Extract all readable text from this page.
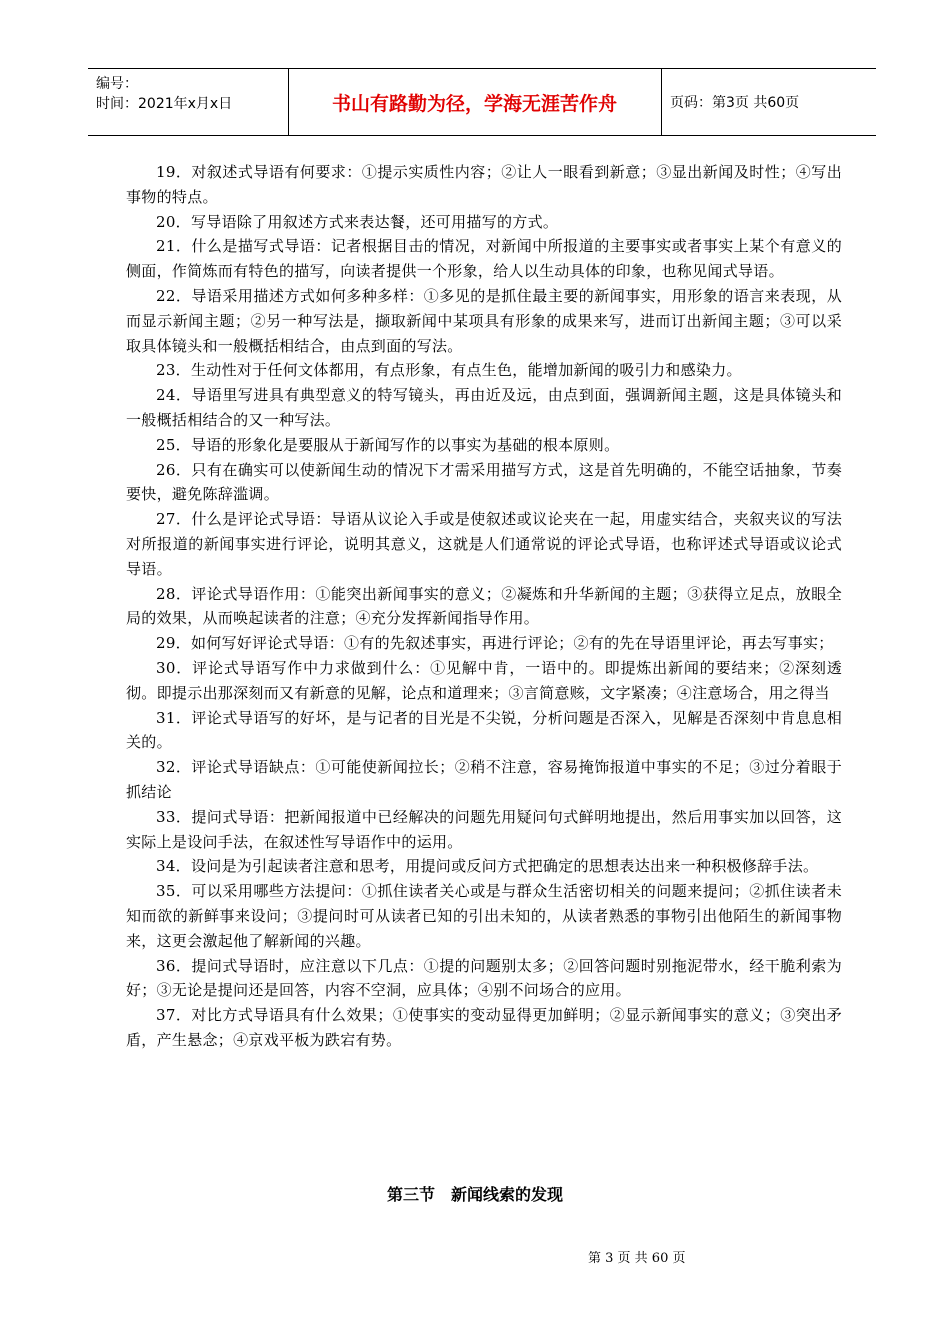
编号：
时间：2021年x月x日	书山有路勤为径，学海无涯苦作舟	页码：第3页 共60页

19．对叙述式导语有何要求：①提示实质性内容；②让人一眼看到新意；③显出新闻及时性；④写出事物的特点。

20．写导语除了用叙述方式来表达餐，还可用描写的方式。

21．什么是描写式导语：记者根据目击的情况，对新闻中所报道的主要事实或者事实上某个有意义的侧面，作简炼而有特色的描写，向读者提供一个形象，给人以生动具体的印象，也称见闻式导语。

22．导语采用描述方式如何多种多样：①多见的是抓住最主要的新闻事实，用形象的语言来表现，从而显示新闻主题；②另一种写法是，撷取新闻中某项具有形象的成果来写，进而订出新闻主题；③可以采取具体镜头和一般概括相结合，由点到面的写法。

23．生动性对于任何文体都用，有点形象，有点生色，能增加新闻的吸引力和感染力。

24．导语里写进具有典型意义的特写镜头，再由近及远，由点到面，强调新闻主题，这是具体镜头和一般概括相结合的又一种写法。

25．导语的形象化是要服从于新闻写作的以事实为基础的根本原则。

26．只有在确实可以使新闻生动的情况下才需采用描写方式，这是首先明确的，不能空话抽象，节奏要快，避免陈辞滥调。

27．什么是评论式导语：导语从议论入手或是使叙述或议论夹在一起，用虚实结合，夹叙夹议的写法对所报道的新闻事实进行评论，说明其意义，这就是人们通常说的评论式导语，也称评述式导语或议论式导语。

28．评论式导语作用：①能突出新闻事实的意义；②凝炼和升华新闻的主题；③获得立足点，放眼全局的效果，从而唤起读者的注意；④充分发挥新闻指导作用。

29．如何写好评论式导语：①有的先叙述事实，再进行评论；②有的先在导语里评论，再去写事实；

30．评论式导语写作中力求做到什么：①见解中肯，一语中的。即提炼出新闻的要结来；②深刻透彻。即提示出那深刻而又有新意的见解，论点和道理来；③言简意赅，文字紧凑；④注意场合，用之得当

31．评论式导语写的好坏，是与记者的目光是不尖锐，分析问题是否深入，见解是否深刻中肯息息相关的。

32．评论式导语缺点：①可能使新闻拉长；②稍不注意，容易掩饰报道中事实的不足；③过分着眼于抓结论

33．提问式导语：把新闻报道中已经解决的问题先用疑问句式鲜明地提出，然后用事实加以回答，这实际上是设问手法，在叙述性写导语作中的运用。

34．设问是为引起读者注意和思考，用提问或反问方式把确定的思想表达出来一种积极修辞手法。

35．可以采用哪些方法提问：①抓住读者关心或是与群众生活密切相关的问题来提问；②抓住读者未知而欲的新鲜事来设问；③提问时可从读者已知的引出未知的，从读者熟悉的事物引出他陌生的新闻事物来，这更会激起他了解新闻的兴趣。

36．提问式导语时，应注意以下几点：①提的问题别太多；②回答问题时别拖泥带水，经干脆利索为好；③无论是提问还是回答，内容不空洞，应具体；④别不问场合的应用。

37．对比方式导语具有什么效果；①使事实的变动显得更加鲜明；②显示新闻事实的意义；③突出矛盾，产生悬念；④京戏平板为跌宕有势。

第三节　新闻线索的发现
第 3 页 共 60 页
